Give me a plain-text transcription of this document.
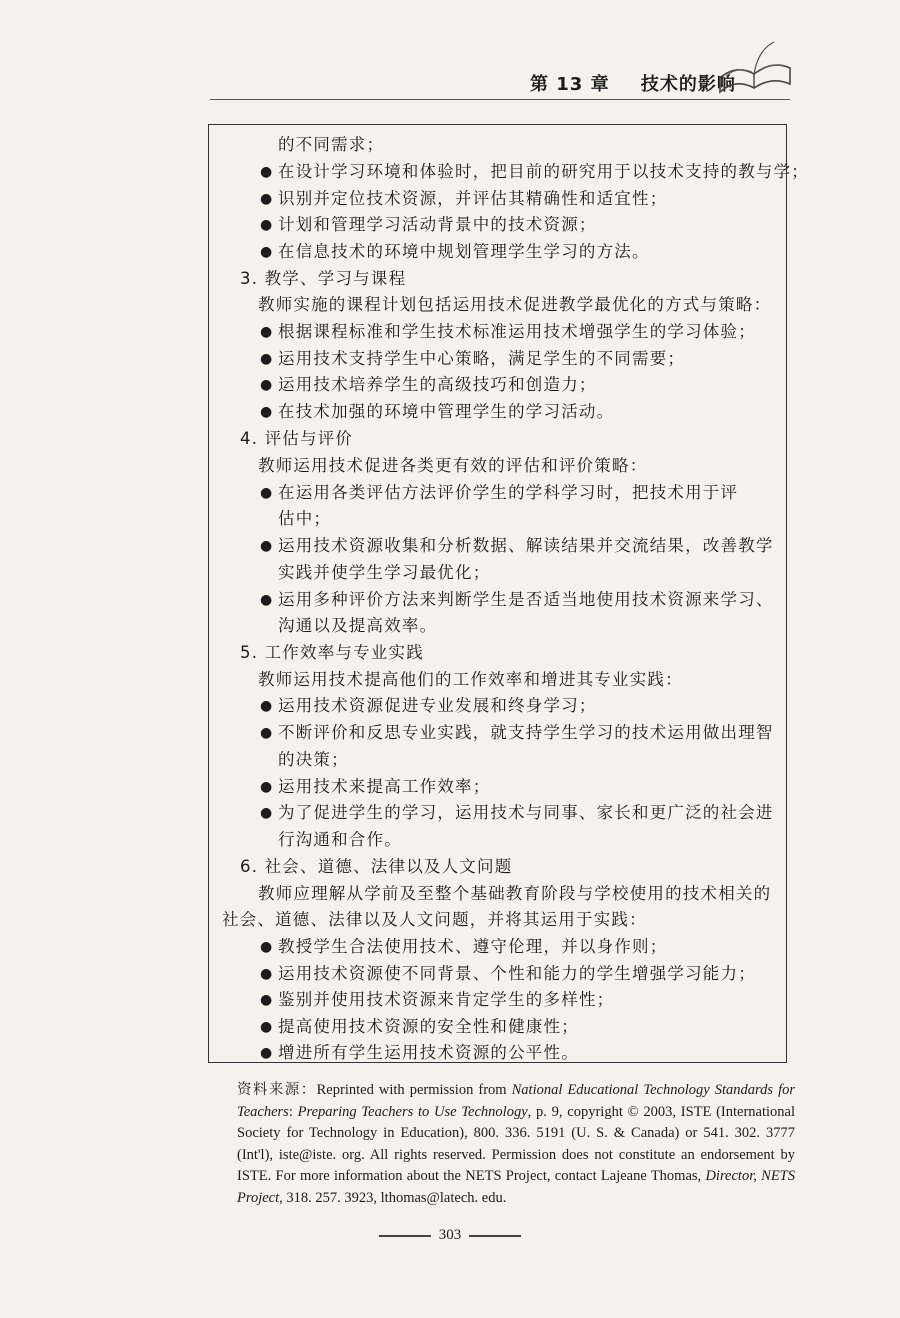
第 13 章 技术的影响
的不同需求；
● 在设计学习环境和体验时，把目前的研究用于以技术支持的教与学；
● 识别并定位技术资源，并评估其精确性和适宜性；
● 计划和管理学习活动背景中的技术资源；
● 在信息技术的环境中规划管理学生学习的方法。
3. 教学、学习与课程
教师实施的课程计划包括运用技术促进教学最优化的方式与策略：
● 根据课程标准和学生技术标准运用技术增强学生的学习体验；
● 运用技术支持学生中心策略，满足学生的不同需要；
● 运用技术培养学生的高级技巧和创造力；
● 在技术加强的环境中管理学生的学习活动。
4. 评估与评价
教师运用技术促进各类更有效的评估和评价策略：
● 在运用各类评估方法评价学生的学科学习时，把技术用于评
估中；
● 运用技术资源收集和分析数据、解读结果并交流结果，改善教学
实践并使学生学习最优化；
● 运用多种评价方法来判断学生是否适当地使用技术资源来学习、
沟通以及提高效率。
5. 工作效率与专业实践
教师运用技术提高他们的工作效率和增进其专业实践：
● 运用技术资源促进专业发展和终身学习；
● 不断评价和反思专业实践，就支持学生学习的技术运用做出理智
的决策；
● 运用技术来提高工作效率；
● 为了促进学生的学习，运用技术与同事、家长和更广泛的社会进
行沟通和合作。
6. 社会、道德、法律以及人文问题
教师应理解从学前及至整个基础教育阶段与学校使用的技术相关的
社会、道德、法律以及人文问题，并将其运用于实践：
● 教授学生合法使用技术、遵守伦理，并以身作则；
● 运用技术资源使不同背景、个性和能力的学生增强学习能力；
● 鉴别并使用技术资源来肯定学生的多样性；
● 提高使用技术资源的安全性和健康性；
● 增进所有学生运用技术资源的公平性。
资料来源：Reprinted with permission from National Educational Technology Standards for Teachers: Preparing Teachers to Use Technology, p. 9, copyright © 2003, ISTE (International Society for Technology in Education), 800. 336. 5191 (U. S. & Canada) or 541. 302. 3777 (Int'l), iste@iste. org. All rights reserved. Permission does not constitute an endorsement by ISTE. For more information about the NETS Project, contact Lajeane Thomas, Director, NETS Project, 318. 257. 3923, lthomas@latech. edu.
303
